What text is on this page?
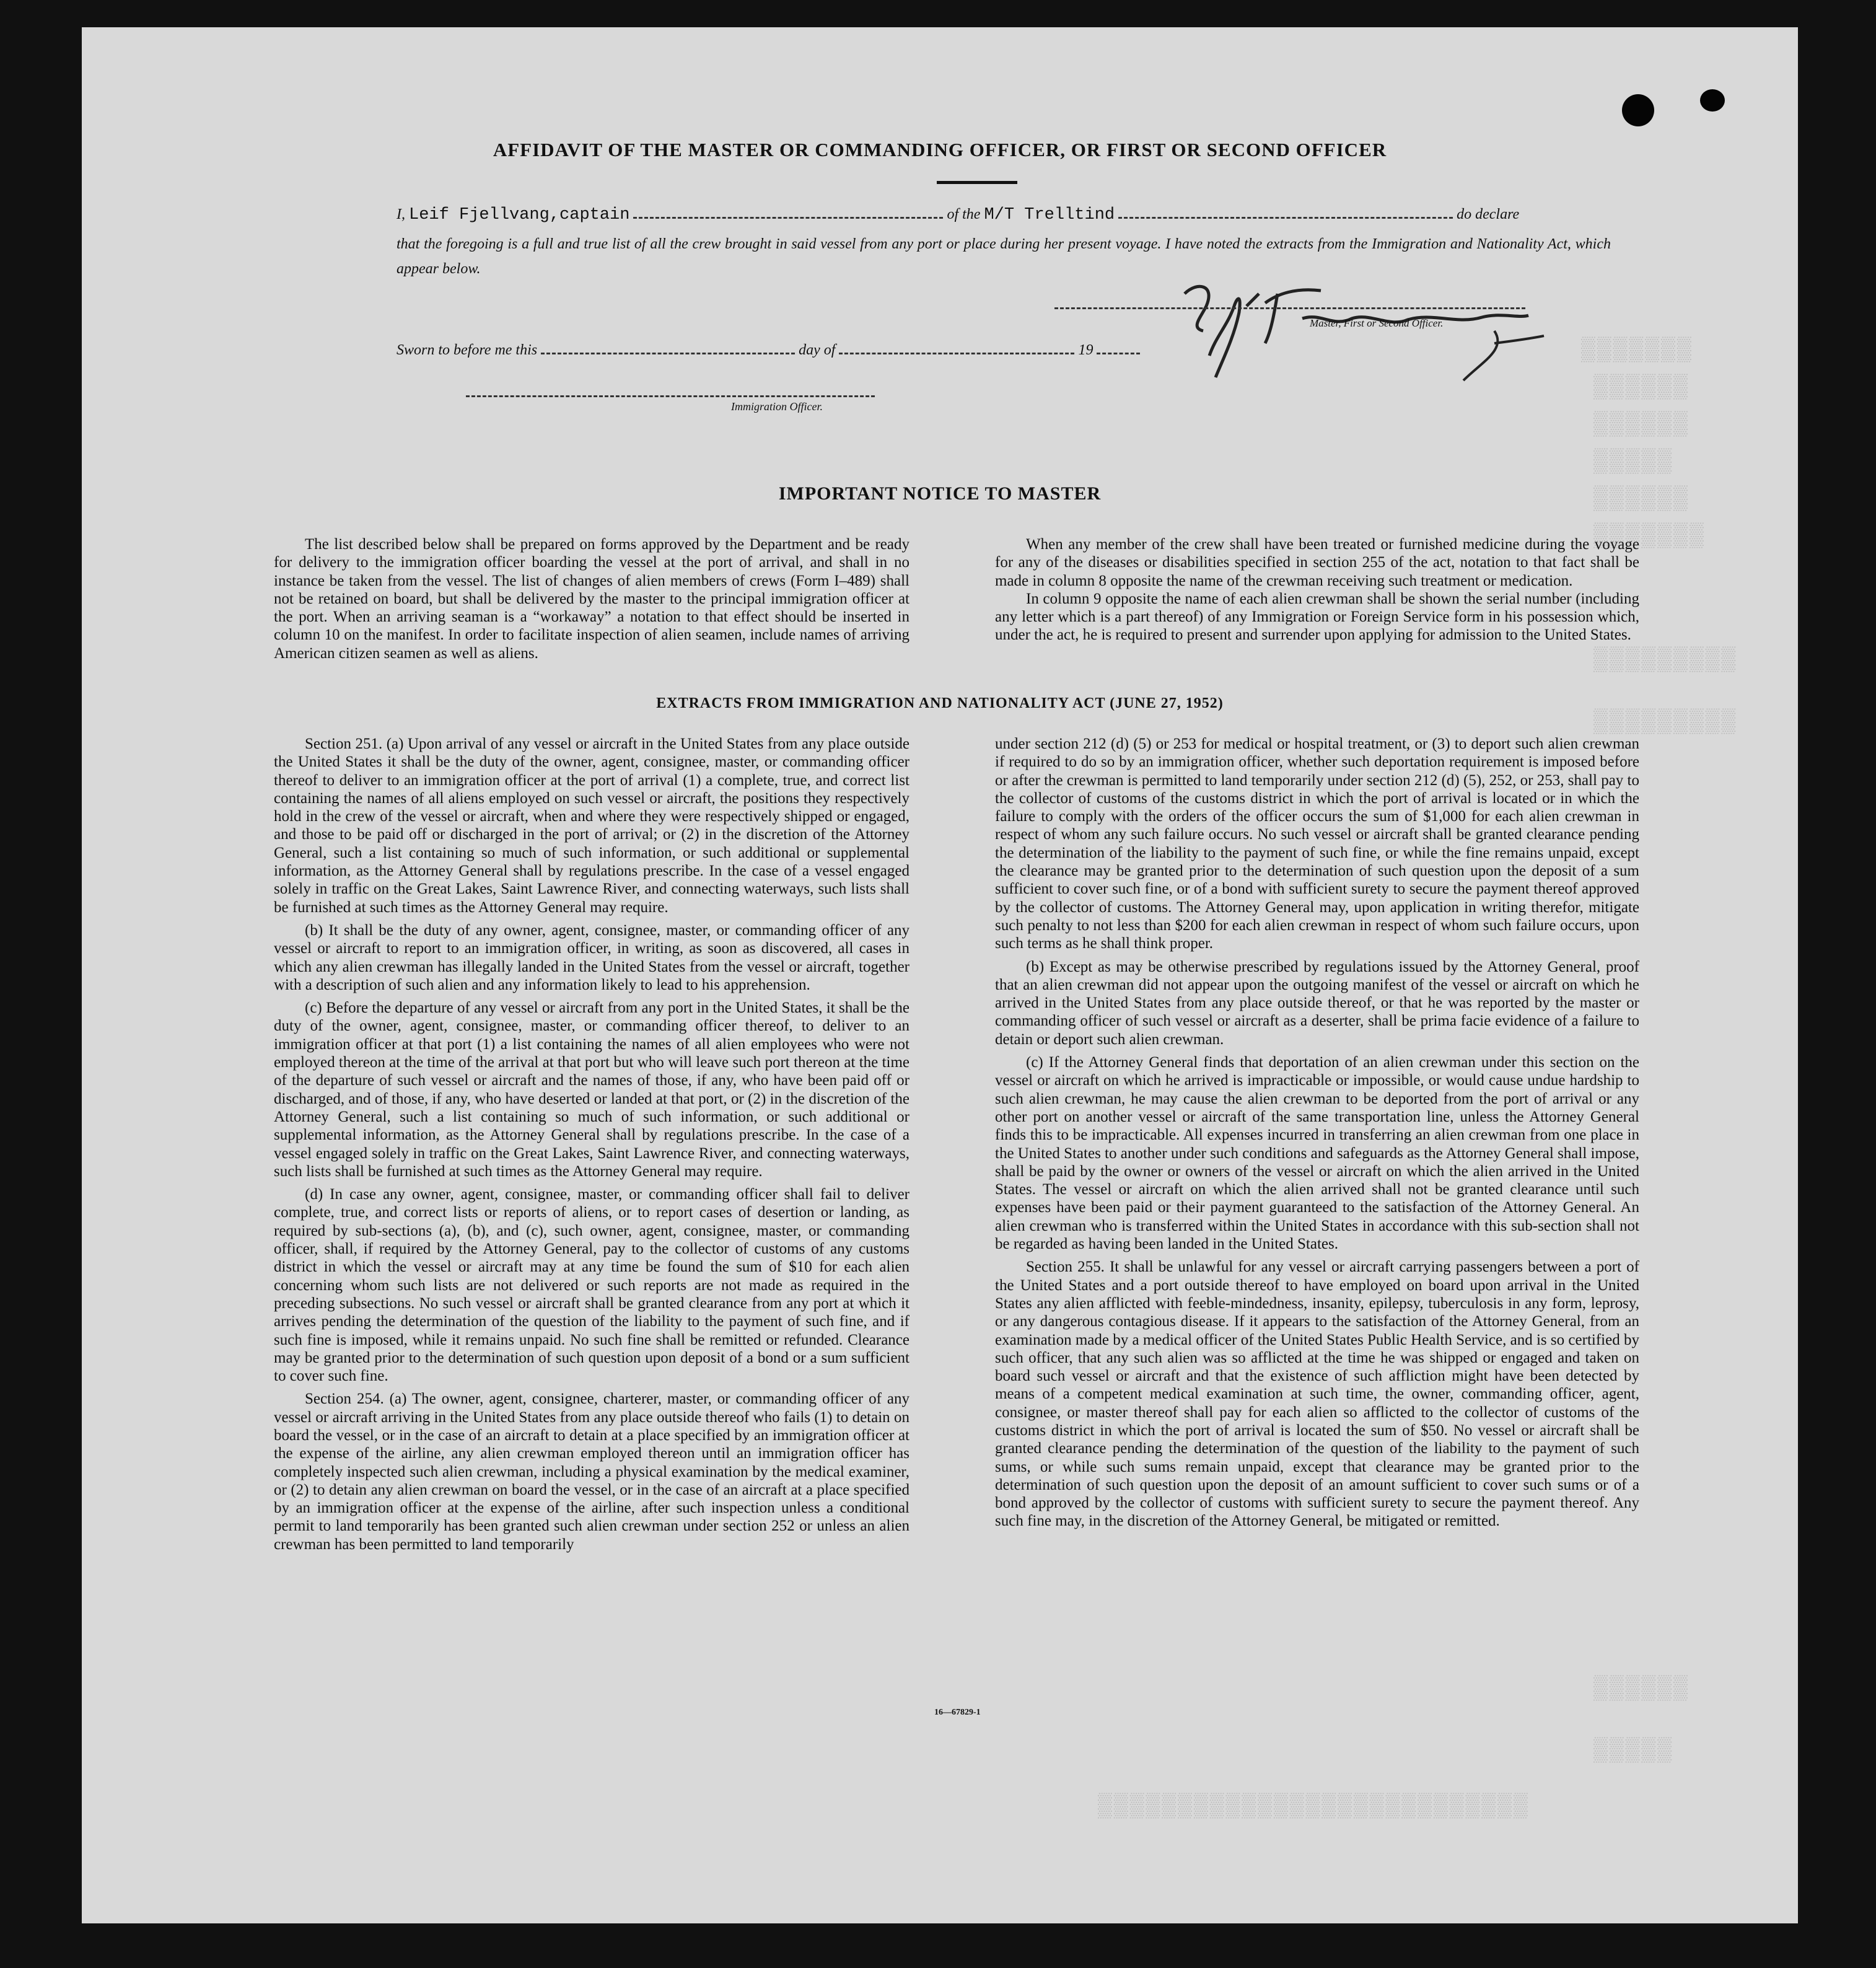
▒▒▒▒▒▒▒
▒▒▒▒▒▒
▒▒▒▒▒▒
▒▒▒▒▒
▒▒▒▒▒▒
▒▒▒▒▒▒▒
▒▒▒▒▒▒▒▒▒
▒▒▒▒▒▒▒▒▒
▒▒▒▒▒▒
▒▒▒▒▒
▒▒▒▒▒▒▒▒▒▒▒▒▒▒▒▒▒▒▒▒▒▒▒▒▒▒▒
AFFIDAVIT OF THE MASTER OR COMMANDING OFFICER, OR FIRST OR SECOND OFFICER
I, Leif Fjellvang,captain	of the M/T Trelltind	do declare

that the foregoing is a full and true list of all the crew brought in said vessel from any port or place during her present voyage. I have noted the extracts from the Immigration and Nationality Act, which appear below.

Master, First or Second Officer.
Sworn to before me this	day of	19
Immigration Officer.
IMPORTANT NOTICE TO MASTER

The list described below shall be prepared on forms approved by the Department and be ready for delivery to the immigration officer boarding the vessel at the port of arrival, and shall in no instance be taken from the vessel. The list of changes of alien members of crews (Form I–489) shall not be retained on board, but shall be delivered by the master to the principal immigration officer at the port. When an arriving seaman is a “workaway” a notation to that effect should be inserted in column 10 on the manifest. In order to facilitate inspection of alien seamen, include names of arriving American citizen seamen as well as aliens.

When any member of the crew shall have been treated or furnished medicine during the voyage for any of the diseases or disabilities specified in section 255 of the act, notation to that fact shall be made in column 8 opposite the name of the crewman receiving such treatment or medication.

In column 9 opposite the name of each alien crewman shall be shown the serial number (including any letter which is a part thereof) of any Immigration or Foreign Service form in his possession which, under the act, he is required to present and surrender upon applying for admission to the United States.

EXTRACTS FROM IMMIGRATION AND NATIONALITY ACT (JUNE 27, 1952)

Section 251. (a) Upon arrival of any vessel or aircraft in the United States from any place outside the United States it shall be the duty of the owner, agent, consignee, master, or commanding officer thereof to deliver to an immigration officer at the port of arrival (1) a complete, true, and correct list containing the names of all aliens employed on such vessel or aircraft, the positions they respectively hold in the crew of the vessel or aircraft, when and where they were respectively shipped or engaged, and those to be paid off or discharged in the port of arrival; or (2) in the discretion of the Attorney General, such a list containing so much of such information, or such additional or supplemental information, as the Attorney General shall by regulations prescribe. In the case of a vessel engaged solely in traffic on the Great Lakes, Saint Lawrence River, and connecting waterways, such lists shall be furnished at such times as the Attorney General may require.

(b) It shall be the duty of any owner, agent, consignee, master, or commanding officer of any vessel or aircraft to report to an immigration officer, in writing, as soon as discovered, all cases in which any alien crewman has illegally landed in the United States from the vessel or aircraft, together with a description of such alien and any information likely to lead to his apprehension.

(c) Before the departure of any vessel or aircraft from any port in the United States, it shall be the duty of the owner, agent, consignee, master, or commanding officer thereof, to deliver to an immigration officer at that port (1) a list containing the names of all alien employees who were not employed thereon at the time of the arrival at that port but who will leave such port thereon at the time of the departure of such vessel or aircraft and the names of those, if any, who have been paid off or discharged, and of those, if any, who have deserted or landed at that port, or (2) in the discretion of the Attorney General, such a list containing so much of such information, or such additional or supplemental information, as the Attorney General shall by regulations prescribe. In the case of a vessel engaged solely in traffic on the Great Lakes, Saint Lawrence River, and connecting waterways, such lists shall be furnished at such times as the Attorney General may require.

(d) In case any owner, agent, consignee, master, or commanding officer shall fail to deliver complete, true, and correct lists or reports of aliens, or to report cases of desertion or landing, as required by sub-sections (a), (b), and (c), such owner, agent, consignee, master, or commanding officer, shall, if required by the Attorney General, pay to the collector of customs of any customs district in which the vessel or aircraft may at any time be found the sum of $10 for each alien concerning whom such lists are not delivered or such reports are not made as required in the preceding subsections. No such vessel or aircraft shall be granted clearance from any port at which it arrives pending the determination of the question of the liability to the payment of such fine, and if such fine is imposed, while it remains unpaid. No such fine shall be remitted or refunded. Clearance may be granted prior to the determination of such question upon deposit of a bond or a sum sufficient to cover such fine.

Section 254. (a) The owner, agent, consignee, charterer, master, or commanding officer of any vessel or aircraft arriving in the United States from any place outside thereof who fails (1) to detain on board the vessel, or in the case of an aircraft to detain at a place specified by an immigration officer at the expense of the airline, any alien crewman employed thereon until an immigration officer has completely inspected such alien crewman, including a physical examination by the medical examiner, or (2) to detain any alien crewman on board the vessel, or in the case of an aircraft at a place specified by an immigration officer at the expense of the airline, after such inspection unless a conditional permit to land temporarily has been granted such alien crewman under section 252 or unless an alien crewman has been permitted to land temporarily

under section 212 (d) (5) or 253 for medical or hospital treatment, or (3) to deport such alien crewman if required to do so by an immigration officer, whether such deportation requirement is imposed before or after the crewman is permitted to land temporarily under section 212 (d) (5), 252, or 253, shall pay to the collector of customs of the customs district in which the port of arrival is located or in which the failure to comply with the orders of the officer occurs the sum of $1,000 for each alien crewman in respect of whom any such failure occurs. No such vessel or aircraft shall be granted clearance pending the determination of the liability to the payment of such fine, or while the fine remains unpaid, except the clearance may be granted prior to the determination of such question upon the deposit of a sum sufficient to cover such fine, or of a bond with sufficient surety to secure the payment thereof approved by the collector of customs. The Attorney General may, upon application in writing therefor, mitigate such penalty to not less than $200 for each alien crewman in respect of whom such failure occurs, upon such terms as he shall think proper.

(b) Except as may be otherwise prescribed by regulations issued by the Attorney General, proof that an alien crewman did not appear upon the outgoing manifest of the vessel or aircraft on which he arrived in the United States from any place outside thereof, or that he was reported by the master or commanding officer of such vessel or aircraft as a deserter, shall be prima facie evidence of a failure to detain or deport such alien crewman.

(c) If the Attorney General finds that deportation of an alien crewman under this section on the vessel or aircraft on which he arrived is impracticable or impossible, or would cause undue hardship to such alien crewman, he may cause the alien crewman to be deported from the port of arrival or any other port on another vessel or aircraft of the same transportation line, unless the Attorney General finds this to be impracticable. All expenses incurred in transferring an alien crewman from one place in the United States to another under such conditions and safeguards as the Attorney General shall impose, shall be paid by the owner or owners of the vessel or aircraft on which the alien arrived in the United States. The vessel or aircraft on which the alien arrived shall not be granted clearance until such expenses have been paid or their payment guaranteed to the satisfaction of the Attorney General. An alien crewman who is transferred within the United States in accordance with this sub-section shall not be regarded as having been landed in the United States.

Section 255. It shall be unlawful for any vessel or aircraft carrying passengers between a port of the United States and a port outside thereof to have employed on board upon arrival in the United States any alien afflicted with feeble-mindedness, insanity, epilepsy, tuberculosis in any form, leprosy, or any dangerous contagious disease. If it appears to the satisfaction of the Attorney General, from an examination made by a medical officer of the United States Public Health Service, and is so certified by such officer, that any such alien was so afflicted at the time he was shipped or engaged and taken on board such vessel or aircraft and that the existence of such affliction might have been detected by means of a competent medical examination at such time, the owner, commanding officer, agent, consignee, or master thereof shall pay for each alien so afflicted to the collector of customs of the customs district in which the port of arrival is located the sum of $50. No vessel or aircraft shall be granted clearance pending the determination of the question of the liability to the payment of such sums, or while such sums remain unpaid, except that clearance may be granted prior to the determination of such question upon the deposit of an amount sufficient to cover such sums or of a bond approved by the collector of customs with sufficient surety to secure the payment thereof. Any such fine may, in the discretion of the Attorney General, be mitigated or remitted.

16—67829-1
